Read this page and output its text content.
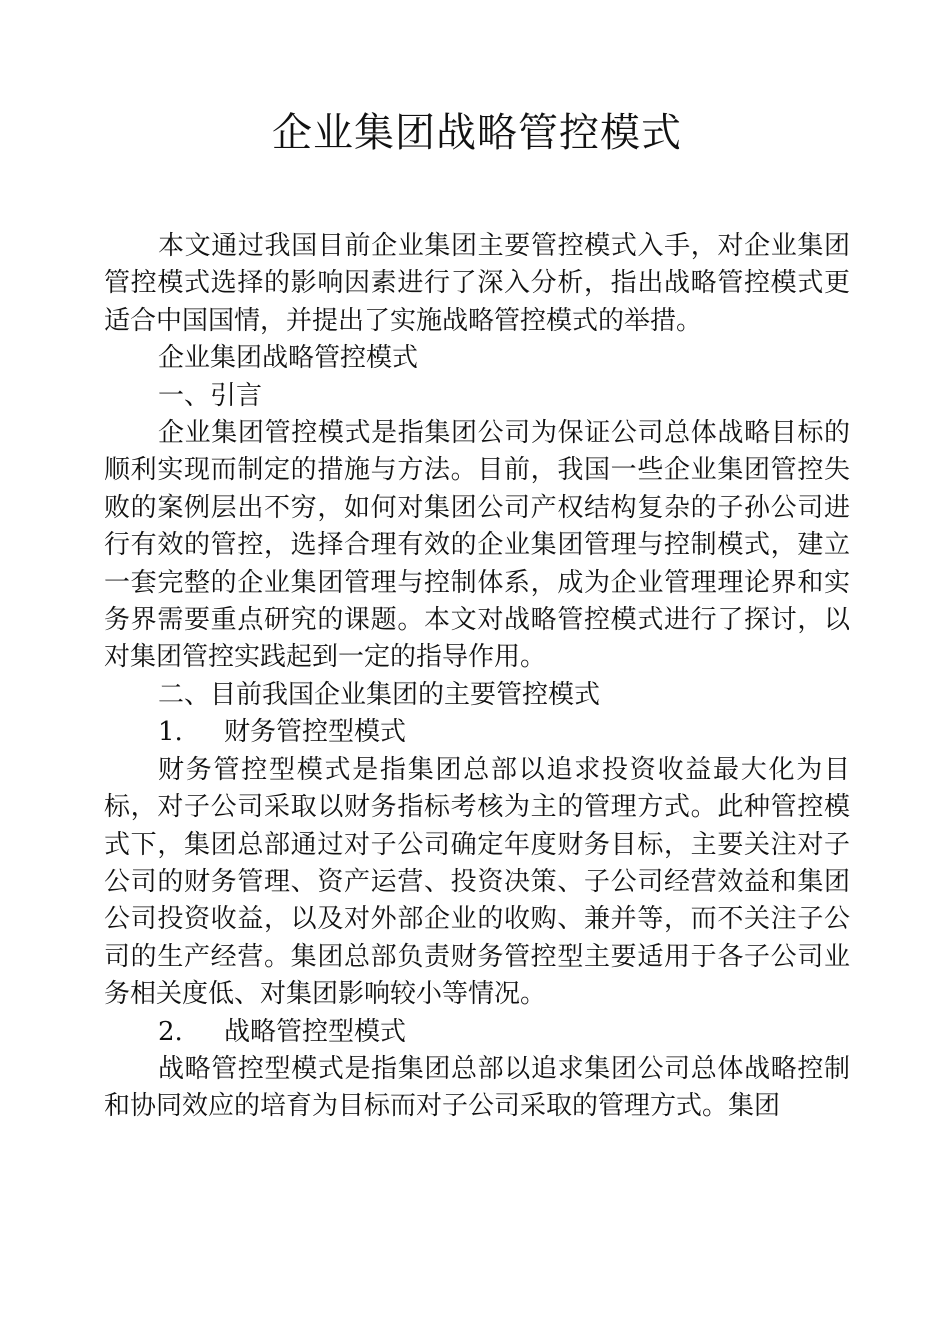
企业集团战略管控模式

本文通过我国目前企业集团主要管控模式入手，对企业集团管控模式选择的影响因素进行了深入分析，指出战略管控模式更适合中国国情，并提出了实施战略管控模式的举措。

企业集团战略管控模式

一、引言

企业集团管控模式是指集团公司为保证公司总体战略目标的顺利实现而制定的措施与方法。目前，我国一些企业集团管控失败的案例层出不穷，如何对集团公司产权结构复杂的子孙公司进行有效的管控，选择合理有效的企业集团管理与控制模式，建立一套完整的企业集团管理与控制体系，成为企业管理理论界和实务界需要重点研究的课题。本文对战略管控模式进行了探讨，以对集团管控实践起到一定的指导作用。

二、目前我国企业集团的主要管控模式

1. 财务管控型模式

财务管控型模式是指集团总部以追求投资收益最大化为目标，对子公司采取以财务指标考核为主的管理方式。此种管控模式下，集团总部通过对子公司确定年度财务目标，主要关注对子公司的财务管理、资产运营、投资决策、子公司经营效益和集团公司投资收益，以及对外部企业的收购、兼并等，而不关注子公司的生产经营。集团总部负责财务管控型主要适用于各子公司业务相关度低、对集团影响较小等情况。

2. 战略管控型模式

战略管控型模式是指集团总部以追求集团公司总体战略控制和协同效应的培育为目标而对子公司采取的管理方式。集团
